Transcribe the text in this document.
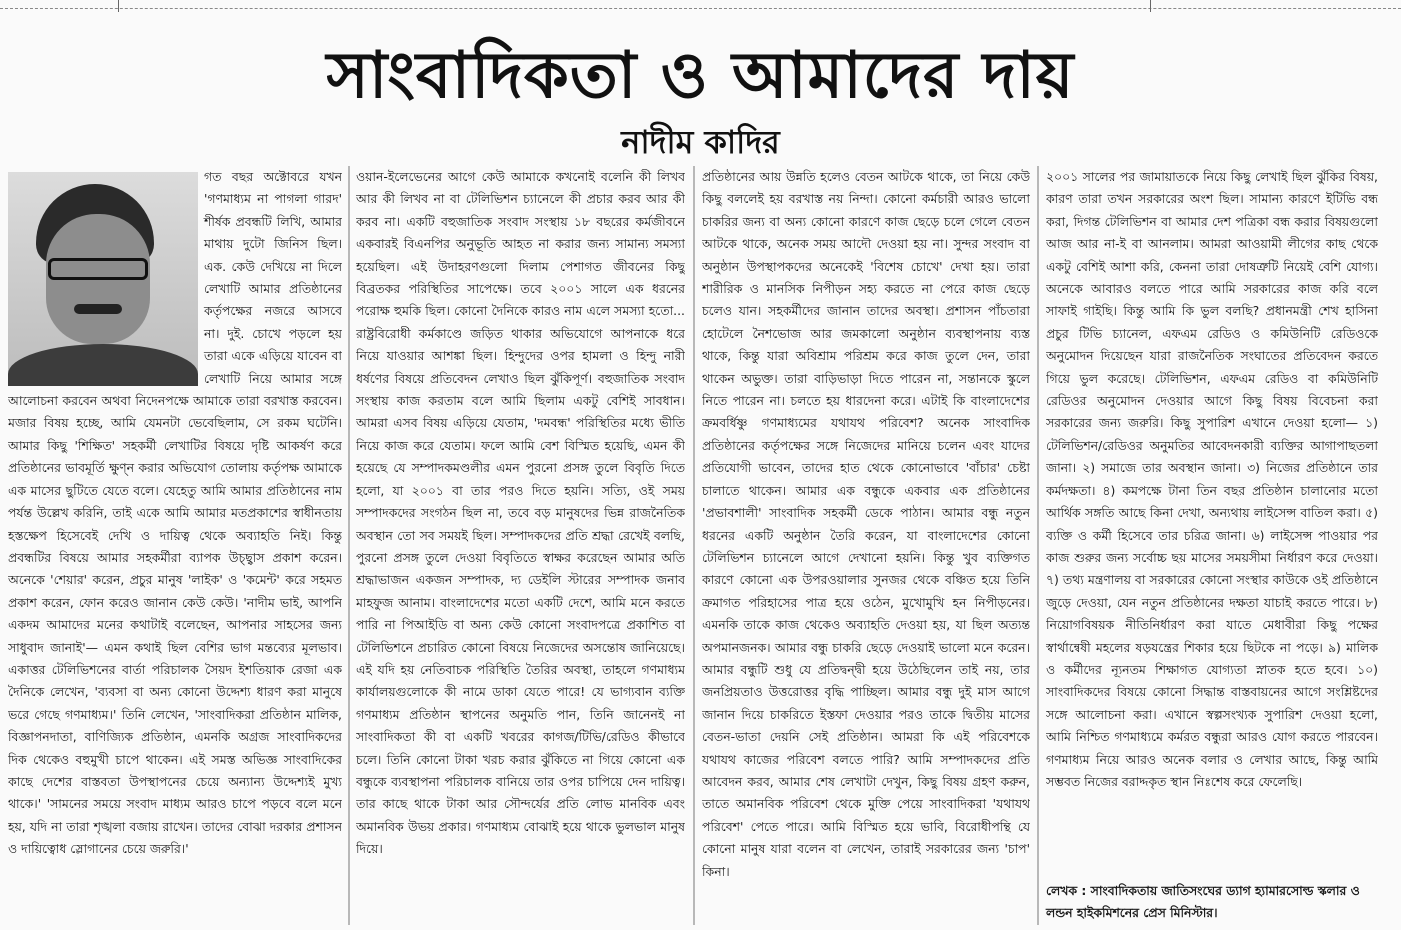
সাংবাদিকতা ও আমাদের দায়
নাদীম কাদির

গত বছর অক্টোবরে যখন 'গণমাধ্যম না পাগলা গারদ' শীর্ষক প্রবন্ধটি লিখি, আমার মাথায় দুটো জিনিস ছিল। এক. কেউ দেখিয়ে না দিলে লেখাটি আমার প্রতিষ্ঠানের কর্তৃপক্ষের নজরে আসবে না। দুই. চোখে পড়লে হয় তারা একে এড়িয়ে যাবেন বা লেখাটি নিয়ে আমার সঙ্গে আলোচনা করবেন অথবা নিদেনপক্ষে আমাকে তারা বরখাস্ত করবেন। মজার বিষয় হচ্ছে, আমি যেমনটা ভেবেছিলাম, সে রকম ঘটেনি। আমার কিছু 'শিক্ষিত' সহকর্মী লেখাটির বিষয়ে দৃষ্টি আকর্ষণ করে প্রতিষ্ঠানের ভাবমূর্তি ক্ষুণ্ন করার অভিযোগ তোলায় কর্তৃপক্ষ আমাকে এক মাসের ছুটিতে যেতে বলে। যেহেতু আমি আমার প্রতিষ্ঠানের নাম পর্যন্ত উল্লেখ করিনি, তাই একে আমি আমার মতপ্রকাশের স্বাধীনতায় হস্তক্ষেপ হিসেবেই দেখি ও দায়িত্ব থেকে অব্যাহতি নিই। কিন্তু প্রবন্ধটির বিষয়ে আমার সহকর্মীরা ব্যাপক উচ্ছ্বাস প্রকাশ করেন। অনেকে 'শেয়ার' করেন, প্রচুর মানুষ 'লাইক' ও 'কমেন্ট' করে সহমত প্রকাশ করেন, ফোন করেও জানান কেউ কেউ। 'নাদীম ভাই, আপনি একদম আমাদের মনের কথাটাই বলেছেন, আপনার সাহসের জন্য সাধুবাদ জানাই'— এমন কথাই ছিল বেশির ভাগ মন্তব্যের মূলভাব। একাত্তর টেলিভিশনের বার্তা পরিচালক সৈয়দ ইশতিয়াক রেজা এক দৈনিকে লেখেন, 'ব্যবসা বা অন্য কোনো উদ্দেশ্য ধারণ করা মানুষে ভরে গেছে গণমাধ্যম।' তিনি লেখেন, 'সাংবাদিকরা প্রতিষ্ঠান মালিক, বিজ্ঞাপনদাতা, বাণিজ্যিক প্রতিষ্ঠান, এমনকি অগ্রজ সাংবাদিকদের দিক থেকেও বহুমুখী চাপে থাকেন। এই সমস্ত অভিজ্ঞ সাংবাদিকের কাছে দেশের বাস্তবতা উপস্থাপনের চেয়ে অন্যান্য উদ্দেশ্যই মুখ্য থাকে।' 'সামনের সময়ে সংবাদ মাধ্যম আরও চাপে পড়বে বলে মনে হয়, যদি না তারা শৃঙ্খলা বজায় রাখেন। তাদের বোঝা দরকার প্রশাসন ও দায়িত্বোধ স্লোগানের চেয়ে জরুরি।'

ওয়ান-ইলেভেনের আগে কেউ আমাকে কখনোই বলেনি কী লিখব আর কী লিখব না বা টেলিভিশন চ্যানেলে কী প্রচার করব আর কী করব না। একটি বহুজাতিক সংবাদ সংস্থায় ১৮ বছরের কর্মজীবনে একবারই বিএনপির অনুভূতি আহত না করার জন্য সামান্য সমস্যা হয়েছিল। এই উদাহরণগুলো দিলাম পেশাগত জীবনের কিছু বিব্রতকর পরিস্থিতির সাপেক্ষে। তবে ২০০১ সালে এক ধরনের পরোক্ষ হুমকি ছিল। কোনো দৈনিকে কারও নাম এলে সমস্যা হতো... রাষ্ট্রবিরোধী কর্মকাণ্ডে জড়িত থাকার অভিযোগে আপনাকে ধরে নিয়ে যাওয়ার আশঙ্কা ছিল। হিন্দুদের ওপর হামলা ও হিন্দু নারী ধর্ষণের বিষয়ে প্রতিবেদন লেখাও ছিল ঝুঁকিপূর্ণ। বহুজাতিক সংবাদ সংস্থায় কাজ করতাম বলে আমি ছিলাম একটু বেশিই সাবধান। আমরা এসব বিষয় এড়িয়ে যেতাম, 'দমবন্ধ' পরিস্থিতির মধ্যে ভীতি নিয়ে কাজ করে যেতাম। ফলে আমি বেশ বিস্মিত হয়েছি, এমন কী হয়েছে যে সম্পাদকমণ্ডলীর এমন পুরনো প্রসঙ্গ তুলে বিবৃতি দিতে হলো, যা ২০০১ বা তার পরও দিতে হয়নি। সত্যি, ওই সময় সম্পাদকদের সংগঠন ছিল না, তবে বড় মানুষদের ভিন্ন রাজনৈতিক অবস্থান তো সব সময়ই ছিল। সম্পাদকদের প্রতি শ্রদ্ধা রেখেই বলছি, পুরনো প্রসঙ্গ তুলে দেওয়া বিবৃতিতে স্বাক্ষর করেছেন আমার অতি শ্রদ্ধাভাজন একজন সম্পাদক, দ্য ডেইলি স্টারের সম্পাদক জনাব মাহফুজ আনাম। বাংলাদেশের মতো একটি দেশে, আমি মনে করতে পারি না পিআইডি বা অন্য কেউ কোনো সংবাদপত্রে প্রকাশিত বা টেলিভিশনে প্রচারিত কোনো বিষয়ে নিজেদের অসন্তোষ জানিয়েছে। এই যদি হয় নেতিবাচক পরিস্থিতি তৈরির অবস্থা, তাহলে গণমাধ্যম কার্যালয়গুলোকে কী নামে ডাকা যেতে পারে! যে ভাগ্যবান ব্যক্তি গণমাধ্যম প্রতিষ্ঠান স্থাপনের অনুমতি পান, তিনি জানেনই না সাংবাদিকতা কী বা একটি খবরের কাগজ/টিভি/রেডিও কীভাবে চলে। তিনি কোনো টাকা খরচ করার ঝুঁকিতে না গিয়ে কোনো এক বন্ধুকে ব্যবস্থাপনা পরিচালক বানিয়ে তার ওপর চাপিয়ে দেন দায়িত্ব। তার কাছে থাকে টাকা আর সৌন্দর্যের প্রতি লোভ মানবিক এবং অমানবিক উভয় প্রকার। গণমাধ্যম বোঝাই হয়ে থাকে ভুলভাল মানুষ দিয়ে।

প্রতিষ্ঠানের আয় উন্নতি হলেও বেতন আটকে থাকে, তা নিয়ে কেউ কিছু বললেই হয় বরখাস্ত নয় নিন্দা। কোনো কর্মচারী আরও ভালো চাকরির জন্য বা অন্য কোনো কারণে কাজ ছেড়ে চলে গেলে বেতন আটকে থাকে, অনেক সময় আদৌ দেওয়া হয় না। সুন্দর সংবাদ বা অনুষ্ঠান উপস্থাপকদের অনেকেই 'বিশেষ চোখে' দেখা হয়। তারা শারীরিক ও মানসিক নিপীড়ন সহ্য করতে না পেরে কাজ ছেড়ে চলেও যান। সহকর্মীদের জানান তাদের অবস্থা। প্রশাসন পাঁচতারা হোটেলে নৈশভোজ আর জমকালো অনুষ্ঠান ব্যবস্থাপনায় ব্যস্ত থাকে, কিন্তু যারা অবিশ্রাম পরিশ্রম করে কাজ তুলে দেন, তারা থাকেন অভুক্ত। তারা বাড়িভাড়া দিতে পারেন না, সন্তানকে স্কুলে নিতে পারেন না। চলতে হয় ধারদেনা করে। এটাই কি বাংলাদেশের ক্রমবর্ধিষ্ণু গণমাধ্যমের যথাযথ পরিবেশ? অনেক সাংবাদিক প্রতিষ্ঠানের কর্তৃপক্ষের সঙ্গে নিজেদের মানিয়ে চলেন এবং যাদের প্রতিযোগী ভাবেন, তাদের হাত থেকে কোনোভাবে 'বাঁচার' চেষ্টা চালাতে থাকেন। আমার এক বন্ধুকে একবার এক প্রতিষ্ঠানের 'প্রভাবশালী' সাংবাদিক সহকর্মী ডেকে পাঠান। আমার বন্ধু নতুন ধরনের একটি অনুষ্ঠান তৈরি করেন, যা বাংলাদেশের কোনো টেলিভিশন চ্যানেলে আগে দেখানো হয়নি। কিন্তু খুব ব্যক্তিগত কারণে কোনো এক উপরওয়ালার সুনজর থেকে বঞ্চিত হয়ে তিনি ক্রমাগত পরিহাসের পাত্র হয়ে ওঠেন, মুখোমুখি হন নিপীড়নের। এমনকি তাকে কাজ থেকেও অব্যাহতি দেওয়া হয়, যা ছিল অত্যন্ত অপমানজনক। আমার বন্ধু চাকরি ছেড়ে দেওয়াই ভালো মনে করেন। আমার বন্ধুটি শুধু যে প্রতিদ্বন্দ্বী হয়ে উঠেছিলেন তাই নয়, তার জনপ্রিয়তাও উত্তরোত্তর বৃদ্ধি পাচ্ছিল। আমার বন্ধু দুই মাস আগে জানান দিয়ে চাকরিতে ইস্তফা দেওয়ার পরও তাকে দ্বিতীয় মাসের বেতন-ভাতা দেয়নি সেই প্রতিষ্ঠান। আমরা কি এই পরিবেশকে যথাযথ কাজের পরিবেশ বলতে পারি? আমি সম্পাদকদের প্রতি আবেদন করব, আমার শেষ লেখাটা দেখুন, কিছু বিষয় গ্রহণ করুন, তাতে অমানবিক পরিবেশ থেকে মুক্তি পেয়ে সাংবাদিকরা 'যথাযথ পরিবেশ' পেতে পারে। আমি বিস্মিত হয়ে ভাবি, বিরোধীপন্থি যে কোনো মানুষ যারা বলেন বা লেখেন, তারাই সরকারের জন্য 'চাপ' কিনা।

২০০১ সালের পর জামায়াতকে নিয়ে কিছু লেখাই ছিল ঝুঁকির বিষয়, কারণ তারা তখন সরকারের অংশ ছিল। সামান্য কারণে ইটিভি বন্ধ করা, দিগন্ত টেলিভিশন বা আমার দেশ পত্রিকা বন্ধ করার বিষয়গুলো আজ আর না-ই বা আনলাম। আমরা আওয়ামী লীগের কাছ থেকে একটু বেশিই আশা করি, কেননা তারা দোষত্রুটি নিয়েই বেশি যোগ্য। অনেকে আবারও বলতে পারে আমি সরকারের কাজ করি বলে সাফাই গাইছি। কিন্তু আমি কি ভুল বলছি? প্রধানমন্ত্রী শেখ হাসিনা প্রচুর টিভি চ্যানেল, এফএম রেডিও ও কমিউনিটি রেডিওকে অনুমোদন দিয়েছেন যারা রাজনৈতিক সংঘাতের প্রতিবেদন করতে গিয়ে ভুল করেছে। টেলিভিশন, এফএম রেডিও বা কমিউনিটি রেডিওর অনুমোদন দেওয়ার আগে কিছু বিষয় বিবেচনা করা সরকারের জন্য জরুরি। কিছু সুপারিশ এখানে দেওয়া হলো— ১) টেলিভিশন/রেডিওর অনুমতির আবেদনকারী ব্যক্তির আগাপাছতলা জানা। ২) সমাজে তার অবস্থান জানা। ৩) নিজের প্রতিষ্ঠানে তার কর্মদক্ষতা। ৪) কমপক্ষে টানা তিন বছর প্রতিষ্ঠান চালানোর মতো আর্থিক সঙ্গতি আছে কিনা দেখা, অন্যথায় লাইসেন্স বাতিল করা। ৫) ব্যক্তি ও কর্মী হিসেবে তার চরিত্র জানা। ৬) লাইসেন্স পাওয়ার পর কাজ শুরুর জন্য সর্বোচ্চ ছয় মাসের সময়সীমা নির্ধারণ করে দেওয়া। ৭) তথ্য মন্ত্রণালয় বা সরকারের কোনো সংস্থার কাউকে ওই প্রতিষ্ঠানে জুড়ে দেওয়া, যেন নতুন প্রতিষ্ঠানের দক্ষতা যাচাই করতে পারে। ৮) নিয়োগবিষয়ক নীতিনির্ধারণ করা যাতে মেধাবীরা কিছু পক্ষের স্বার্থান্বেষী মহলের ষড়যন্ত্রের শিকার হয়ে ছিটকে না পড়ে। ৯) মালিক ও কর্মীদের ন্যূনতম শিক্ষাগত যোগ্যতা স্নাতক হতে হবে। ১০) সাংবাদিকদের বিষয়ে কোনো সিদ্ধান্ত বাস্তবায়নের আগে সংশ্লিষ্টদের সঙ্গে আলোচনা করা। এখানে স্বল্পসংখ্যক সুপারিশ দেওয়া হলো, আমি নিশ্চিত গণমাধ্যমে কর্মরত বন্ধুরা আরও যোগ করতে পারবেন। গণমাধ্যম নিয়ে আরও অনেক বলার ও লেখার আছে, কিন্তু আমি সম্ভবত নিজের বরাদ্দকৃত স্থান নিঃশেষ করে ফেলেছি।

লেখক : সাংবাদিকতায় জাতিসংঘের ড্যাগ হ্যামারসোল্ড স্কলার ও লন্ডন হাইকমিশনের প্রেস মিনিস্টার।
